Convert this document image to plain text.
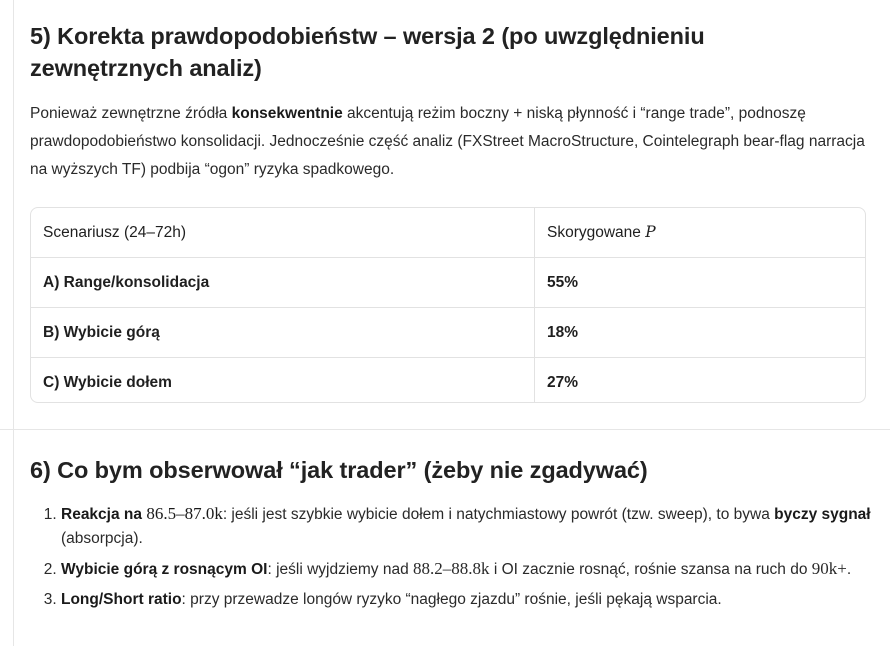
5) Korekta prawdopodobieństw – wersja 2 (po uwzględnieniu zewnętrznych analiz)

Ponieważ zewnętrzne źródła konsekwentnie akcentują reżim boczny + niską płynność i “range trade”, podnoszę prawdopodobieństwo konsolidacji. Jednocześnie część analiz (FXStreet MacroStructure, Cointelegraph bear-flag narracja na wyższych TF) podbija “ogon” ryzyka spadkowego.

Scenariusz (24–72h)	Skorygowane P
A) Range/konsolidacja	55%
B) Wybicie górą	18%
C) Wybicie dołem	27%
6) Co bym obserwował “jak trader” (żeby nie zgadywać)
1. Reakcja na 86.5–87.0k: jeśli jest szybkie wybicie dołem i natychmiastowy powrót (tzw. sweep), to bywa byczy sygnał (absorpcja).
2. Wybicie górą z rosnącym OI: jeśli wyjdziemy nad 88.2–88.8k i OI zacznie rosnąć, rośnie szansa na ruch do 90k+.
3. Long/Short ratio: przy przewadze longów ryzyko “nagłego zjazdu” rośnie, jeśli pękają wsparcia.
